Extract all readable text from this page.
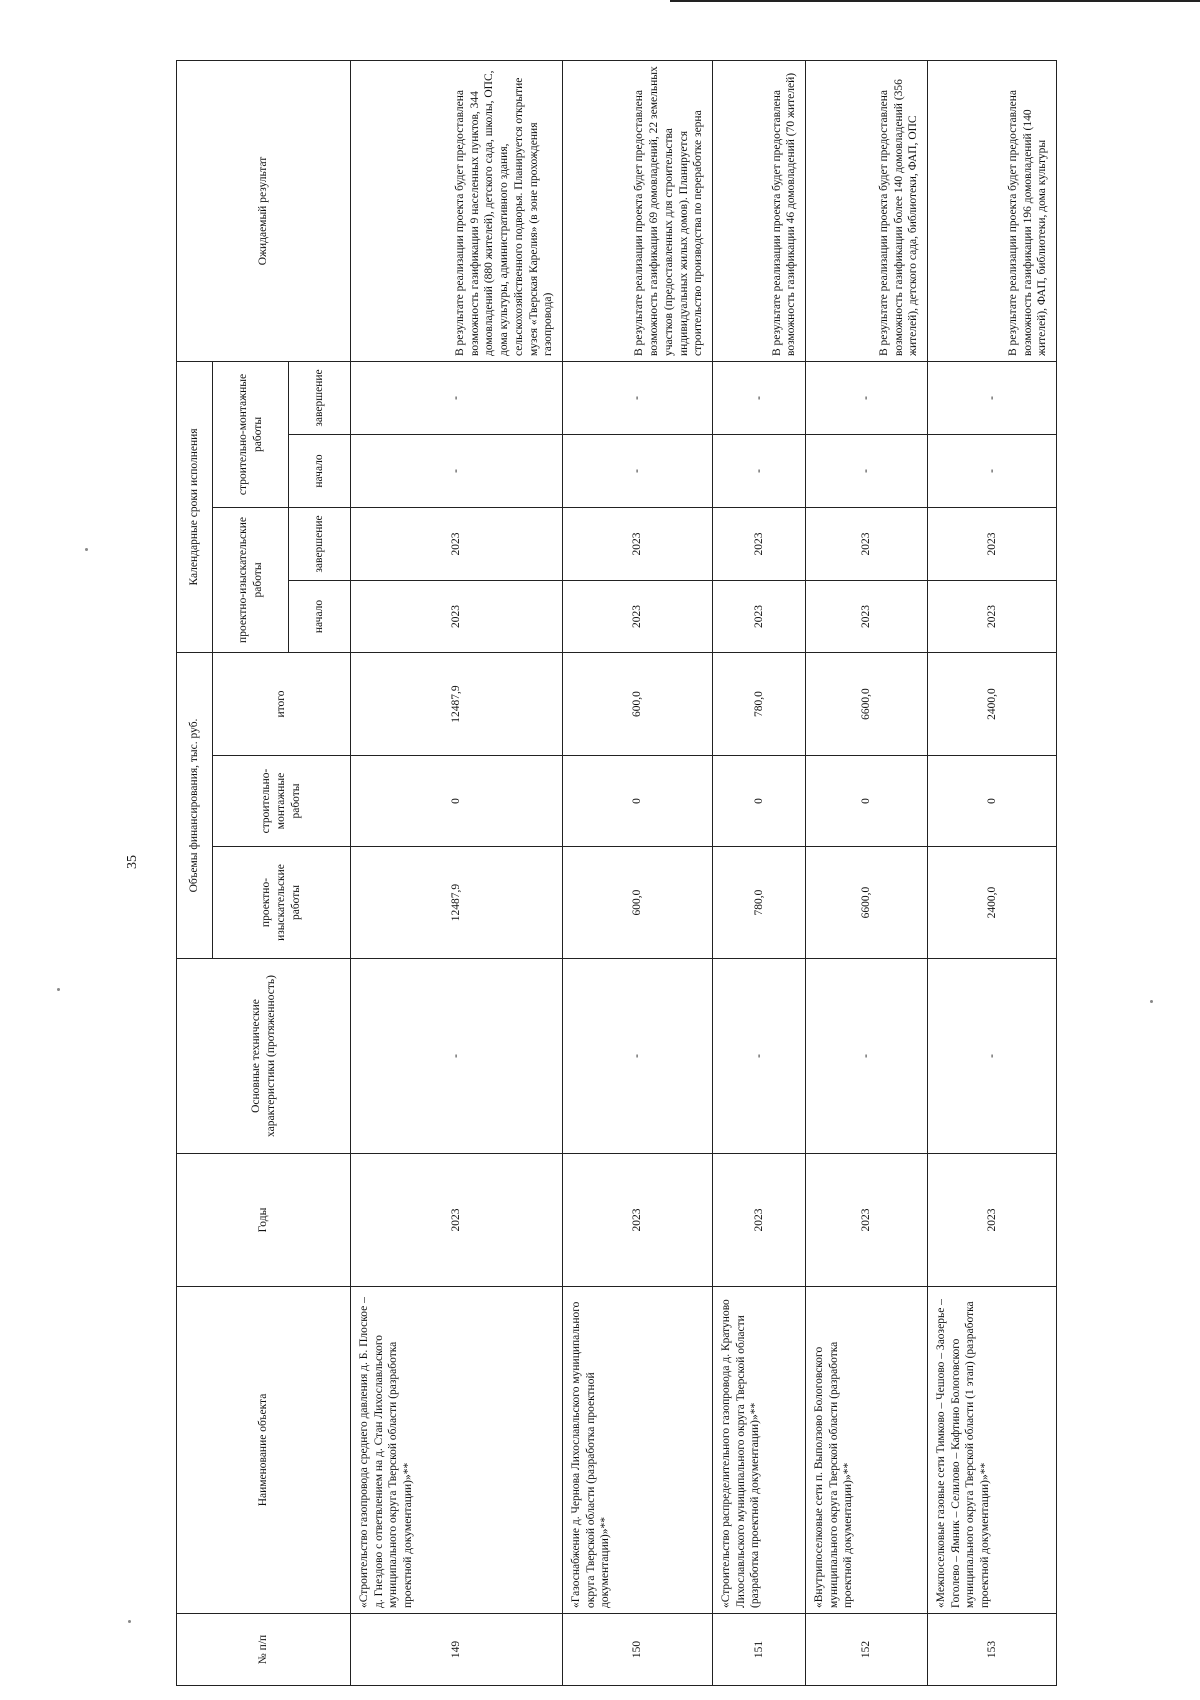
35
№ п/п	Наименование объекта	Годы	Основные технические характеристики (протяженность)	Объемы финансирования, тыс. руб.			Календарные сроки исполнения				Ожидаемый результат
				проектно-изыскательские работы	строительно-монтажные работы	итого	проектно-изыскательские работы		строительно-монтажные работы		
							начало	завершение	начало	завершение	
149	«Строительство газопровода среднего давления д. Б. Плоское – д. Гнездово с ответвлением на д. Стан Лихославльского муниципального округа Тверской области (разработка проектной документации)»**	2023	-	12487,9	0	12487,9	2023	2023	-	-	В результате реализации проекта будет предоставлена возможность газификации 9 населенных пунктов, 344 домовладений (880 жителей), детского сада, школы, ОПС, дома культуры, административного здания, сельскохозяйственного подворья. Планируется открытие музея «Тверская Карелия» (в зоне прохождения газопровода)
150	«Газоснабжение д. Чернова Лихославльского муниципального округа Тверской области (разработка проектной документации)»**	2023	-	600,0	0	600,0	2023	2023	-	-	В результате реализации проекта будет предоставлена возможность газификации 69 домовладений, 22 земельных участков (предоставленных для строительства индивидуальных жилых домов). Планируется строительство производства по переработке зерна
151	«Строительство распределительного газопровода д. Кратуново Лихославльского муниципального округа Тверской области (разработка проектной документации)»**	2023	-	780,0	0	780,0	2023	2023	-	-	В результате реализации проекта будет предоставлена возможность газификации 46 домовладений (70 жителей)
152	«Внутрипоселковые сети п. Выползово Бологовского муниципального округа Тверской области (разработка проектной документации)»**	2023	-	6600,0	0	6600,0	2023	2023	-	-	В результате реализации проекта будет предоставлена возможность газификации более 140 домовладений (356 жителей), детского сада, библиотеки, ФАП, ОПС
153	«Межпоселковые газовые сети Тимково – Чешово – Заозерье – Гоголево – Ямник – Селилово – Кафтино Бологовского муниципального округа Тверской области (1 этап) (разработка проектной документации)»**	2023	-	2400,0	0	2400,0	2023	2023	-	-	В результате реализации проекта будет предоставлена возможность газификации 196 домовладений (140 жителей), ФАП, библиотеки, дома культуры
